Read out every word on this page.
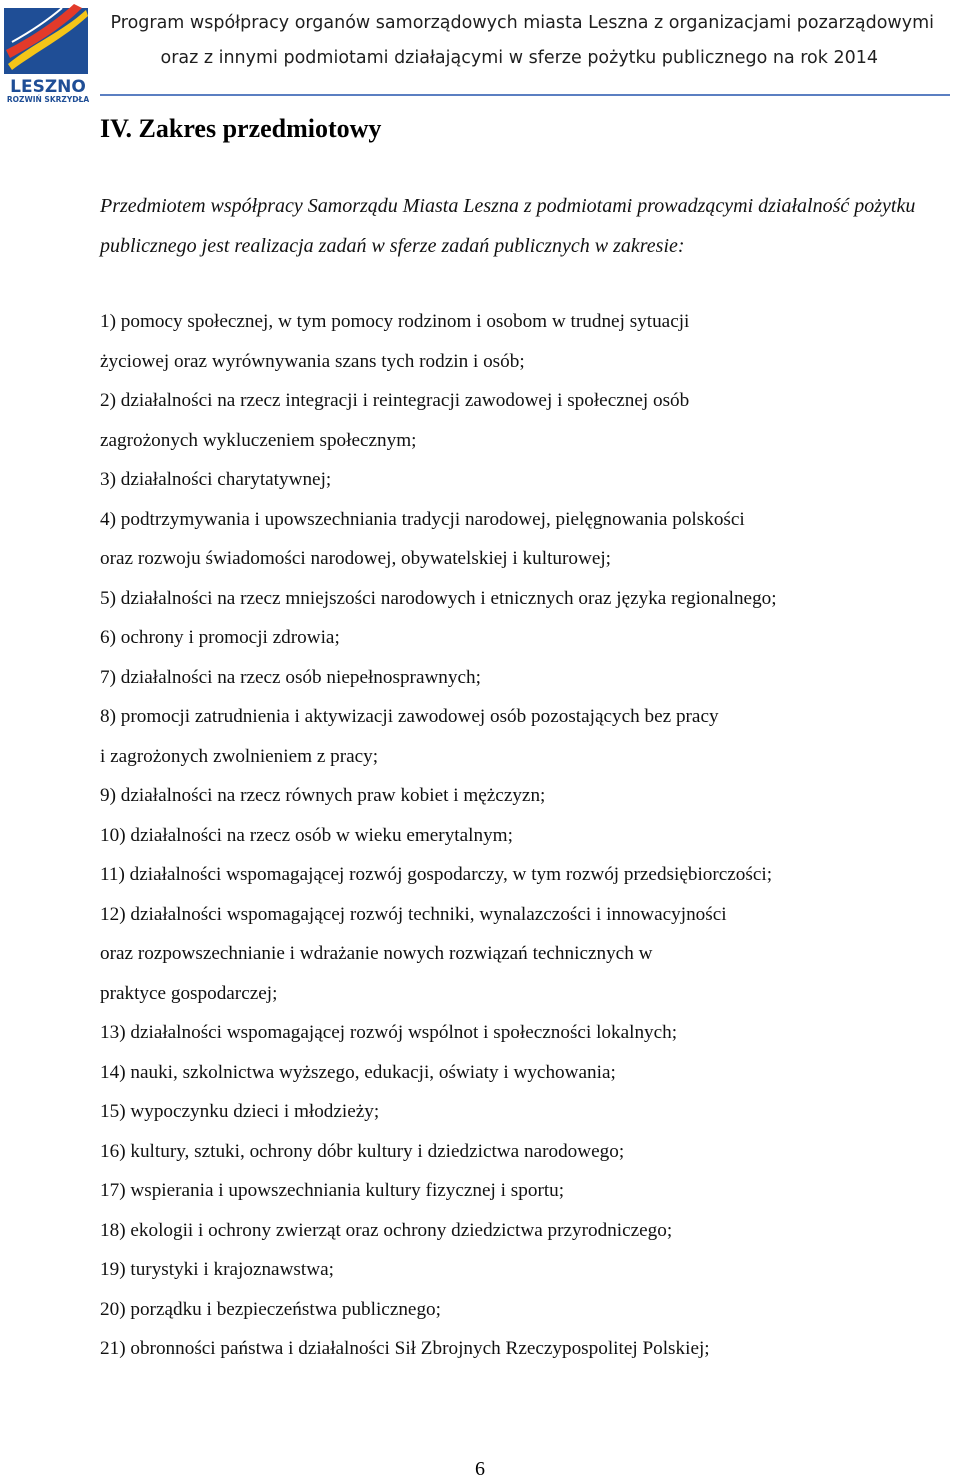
LESZNO
ROZWIŃ SKRZYDŁA
Program współpracy organów samorządowych miasta Leszna z organizacjami pozarządowymi
oraz z innymi podmiotami działającymi w sferze pożytku publicznego na rok 2014
IV. Zakres przedmiotowy
Przedmiotem współpracy Samorządu Miasta Leszna z podmiotami prowadzącymi działalność pożytku publicznego jest realizacja zadań w sferze zadań publicznych w zakresie:
1) pomocy społecznej, w tym pomocy rodzinom i osobom w trudnej sytuacji
życiowej oraz wyrównywania szans tych rodzin i osób;
2) działalności na rzecz integracji i reintegracji zawodowej i społecznej osób
zagrożonych wykluczeniem społecznym;
3) działalności charytatywnej;
4) podtrzymywania i upowszechniania tradycji narodowej, pielęgnowania polskości
oraz rozwoju świadomości narodowej, obywatelskiej i kulturowej;
5) działalności na rzecz mniejszości narodowych i etnicznych oraz języka regionalnego;
6) ochrony i promocji zdrowia;
7) działalności na rzecz osób niepełnosprawnych;
8) promocji zatrudnienia i aktywizacji zawodowej osób pozostających bez pracy
i zagrożonych zwolnieniem z pracy;
9) działalności na rzecz równych praw kobiet i mężczyzn;
10) działalności na rzecz osób w wieku emerytalnym;
11) działalności wspomagającej rozwój gospodarczy, w tym rozwój przedsiębiorczości;
12) działalności wspomagającej rozwój techniki, wynalazczości i innowacyjności
oraz rozpowszechnianie i wdrażanie nowych rozwiązań technicznych w
praktyce gospodarczej;
13) działalności wspomagającej rozwój wspólnot i społeczności lokalnych;
14) nauki, szkolnictwa wyższego, edukacji, oświaty i wychowania;
15) wypoczynku dzieci i młodzieży;
16) kultury, sztuki, ochrony dóbr kultury i dziedzictwa narodowego;
17) wspierania i upowszechniania kultury fizycznej i sportu;
18) ekologii i ochrony zwierząt oraz ochrony dziedzictwa przyrodniczego;
19) turystyki i krajoznawstwa;
20) porządku i bezpieczeństwa publicznego;
21) obronności państwa i działalności Sił Zbrojnych Rzeczypospolitej Polskiej;
6
